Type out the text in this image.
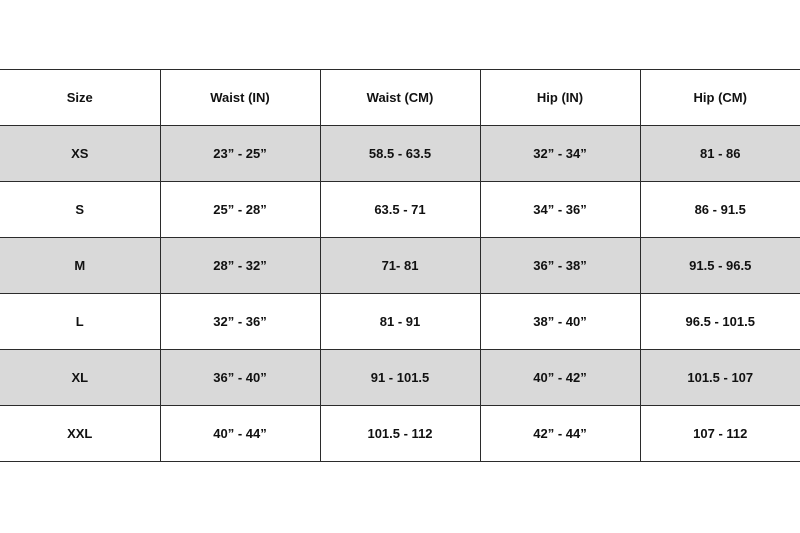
Size	Waist (IN)	Waist (CM)	Hip (IN)	Hip (CM)
XS	23” - 25”	58.5 - 63.5	32” - 34”	81 - 86
S	25” - 28”	63.5 - 71	34” - 36”	86 - 91.5
M	28” - 32”	71- 81	36” - 38”	91.5 - 96.5
L	32” - 36”	81 - 91	38” - 40”	96.5 - 101.5
XL	36” - 40”	91 - 101.5	40” - 42”	101.5 - 107
XXL	40” - 44”	101.5 - 112	42” - 44”	107 - 112
